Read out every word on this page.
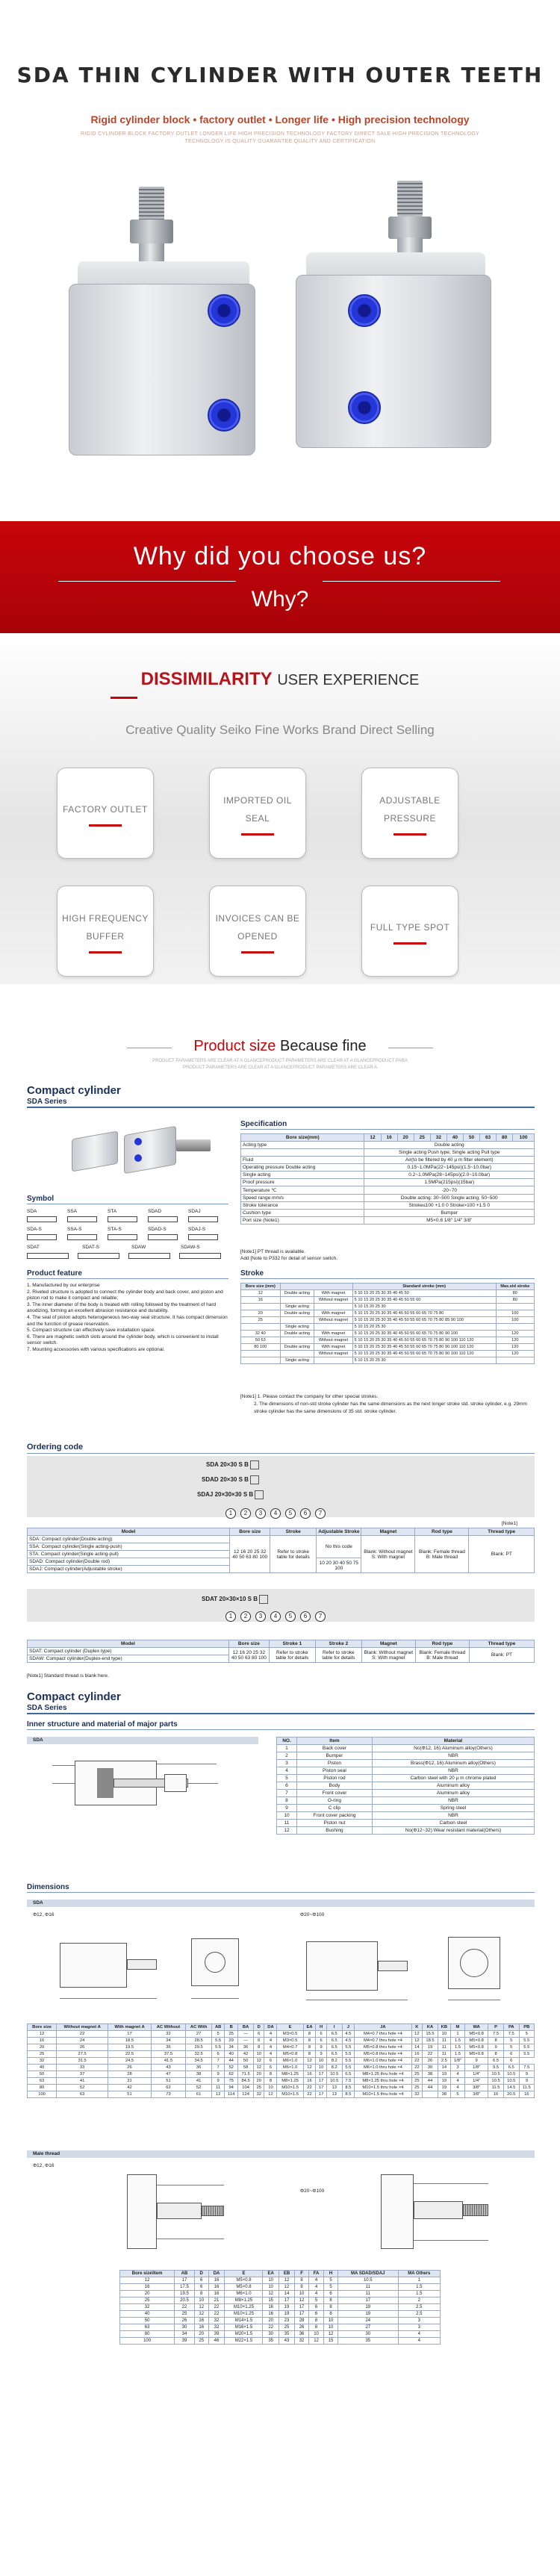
SDA THIN CYLINDER WITH OUTER TEETH
Rigid cylinder block • factory outlet • Longer life • High precision technology
RIGID CYLINDER BLOCK FACTORY OUTLET LONGER LIFE HIGH PRECISION TECHNOLOGY FACTORY DIRECT SALE HIGH PRECISION TECHNOLOGY
TECHNOLOGY IS QUALITY GUARANTEE QUALITY AND CERTIFICATION
Why did you choose us?
Why?
DISSIMILARITY USER EXPERIENCE
Creative Quality Seiko Fine Works Brand Direct Selling
FACTORY OUTLET
IMPORTED OIL
SEAL
ADJUSTABLE
PRESSURE
HIGH FREQUENCY
BUFFER
INVOICES CAN BE
OPENED
FULL TYPE SPOT
Product size Because fine
PRODUCT PARAMETERS ARE CLEAR AT A GLANCEPRODUCT PARAMETERS ARE CLEAR AT A GLANCEPRODUCT PARA
PRODUCT PARAMETERS ARE CLEAR AT A GLANCEPRODUCT PARAMETERS ARE CLEAR A
Compact cylinder
SDA Series
Symbol
SDA	SSA	STA	SDAD	SDAJ
SDA-S	SSA-S	STA-S	SDAD-S	SDAJ-S
SDAT	SDAT-S	SDAW	SDAW-S
Product feature
1. Manufactured by our enterprise
2. Riveted structure is adopted to connect the cylinder body and back cover, and piston and piston rod to make it compact and reliable;
3. The inner diameter of the body is treated with rolling followed by the treatment of hard anodizing, forming an excellent abrasion resistance and durability.
4. The seal of piston adopts heterogeneous two-way seal structure. It has compact dimension and the function of grease reservation.
5. Compact structure can effectively save installation space.
6. There are magnetic switch slots around the cylinder body, which is convenient to install sensor switch.
7. Mounting accessories with various specifications are optional.
Specification
Bore size(mm)	12	16	20	25	32	40	50	63	80	100
Acting type	Double acting									
	Single acting Push type, Single acting Pull type									
Fluid	Air(to be filtered by 40 μ m filter element)									
Operating pressure Double acting	0.15~1.0MPa(22~145psi)(1.5~10.0bar)									
Single acting	0.2~1.0MPa(28~145psi)(2.0~10.0bar)									
Proof pressure	1.5MPa(215psi)(15bar)									
Temperature ℃	-20~70									
Speed range mm/s	Double acting: 30~500 Single acting: 50~500									
Stroke tolerance	Stroke≤100 +1.0 0 Stroke>100 +1.5 0									
Cushion type	Bumper									
Port size (Note1)	M5×0.8 1/8" 1/4" 3/8"									
[Note1] PT thread is available.
Add [Note to P332 for detail of sensor switch.
Stroke
Bore size (mm)			Standard stroke (mm)	Max.std stroke
12	Double acting	With magnet	5 10 15 20 25 30 35 40 45 50	80
16		Without magnet	5 10 15 20 25 30 35 40 45 50 55 60	80
	Single acting		5 10 15 20 25 30	
20	Double acting	With magnet	5 10 15 20 25 30 35 40 45 50 55 60 65 70 75 80	100
25		Without magnet	5 10 15 20 25 30 35 40 45 50 55 60 65 70 75 80 85 90 100	100
	Single acting		5 10 15 20 25 30	
32 40	Double acting	With magnet	5 10 15 20 25 30 35 40 45 50 55 60 65 70 75 80 90 100	120
50 63		Without magnet	5 10 15 20 25 30 35 40 45 50 55 60 65 70 75 80 90 100 110 120	120
80 100	Double acting	With magnet	5 10 15 20 25 30 35 40 45 50 55 60 65 70 75 80 90 100 110 120	120
		Without magnet	5 10 15 20 25 30 35 40 45 50 55 60 65 70 75 80 90 100 110 120	120
	Single acting		5 10 15 20 25 30	
[Note1] 1. Please contact the company for other special strokes.
2. The dimensions of non-std stroke cylinder has the same dimensions as the next longer stroke std. stroke cylinder, e.g. 29mm stroke cylinder has the same dimensions of 35 std. stroke cylinder.
Ordering code
SDA 20×30 S B
SDAD 20×30 S B
SDAJ 20×30×30 S B
1 2 3 4 5 6 7
[Note1]
Model	Bore size	Stroke	Adjustable Stroke	Magnet	Rod type	Thread type
SDA: Compact cylinder(Double acting)	12 16 20 25 32 40 50 63 80 100	Refer to stroke table for details	No this code	Blank: Without magnet S: With magnet	Blank: Female thread B: Male thread	Blank: PT
SSA: Compact cylinder(Single acting-push)						
STA: Compact cylinder(Single acting-pull)						
SDAD: Compact cylinder(Double rod)			10 20 30 40 50 75 100			
SDAJ: Compact cylinder(Adjustable stroke)						
SDAT 20×30×10 S B
1 2 3 4 5 6 7
Model	Bore size	Stroke 1	Stroke 2	Magnet	Rod type	Thread type
SDAT: Compact cylinder (Duplex type)	12 16 20 25 32 40 50 63 80 100	Refer to stroke table for details	Refer to stroke table for details	Blank: Without magnet S: With magnet	Blank: Female thread B: Male thread	Blank: PT
SDAW: Compact cylinder(Duplex-end type)						
[Note1] Standard thread is blank here.
Compact cylinder
SDA Series
Inner structure and material of major parts
SDA	NO.	Item	Material
1	Back cover	No(Φ12, 16):Aluminum alloy(Others)
2	Bumper	NBR
3	Piston	Brass(Φ12, 16):Aluminum alloy(Others)
4	Piston seal	NBR
5	Piston rod	Carbon steel with 20 μ m chrome plated
6	Body	Aluminum alloy
7	Front cover	Aluminum alloy
8	O-ring	NBR
9	C clip	Spring steel
10	Front cover packing	NBR
11	Piston nut	Carbon steel
12	Bushing	No(Φ12~32):Wear resistant material(Others)
Dimensions
SDA
Φ12, Φ16	Φ20~Φ100
Bore size	Without magnet A	With magnet A	AC Without	AC With	AB	B	BA	D	DA	E	EA	H	I	J	JA	K	KA	KB	M	WA	P	PA	PB
12	22	17	32	27	5	25	—	6	4	M3×0.5	8	6	6.5	4.5	M4×0.7 thru hole ×4	12	15.5	10	1	M5×0.8	7.5	7.5	5
16	24	18.5	34	28.5	5.5	29	—	6	4	M3×0.5	8	6	6.5	4.5	M4×0.7 thru hole ×4	12	18.5	11	1.5	M5×0.8	8	5	5.5
20	26	19.5	36	29.5	5.5	34	36	8	4	M4×0.7	8	9	6.5	5.5	M5×0.8 thru hole ×4	14	19	11	1.5	M5×0.8	9	5	5.5
25	27.5	22.5	37.5	32.5	6	40	42	10	4	M5×0.8	8	9	6.5	5.5	M5×0.8 thru hole ×4	16	22	11	1.5	M5×0.8	8	6	5.5
32	31.5	24.5	41.5	34.5	7	44	50	12	6	M6×1.0	12	10	8.2	5.5	M6×1.0 thru hole ×4	22	26	2.5	1/8"	9	6.5	6	
40	33	26	43	36	7	52	58	12	6	M6×1.0	12	10	8.2	5.5	M6×1.0 thru hole ×4	22	30	14	3	1/8"	9.5	6.5	7.5
50	37	28	47	38	9	62	71.5	20	8	M8×1.25	16	17	10.5	6.5	M8×1.25 thru hole ×4	25	38	19	4	1/4"	10.5	10.5	9
63	41	31	51	41	9	75	84.5	20	8	M8×1.25	16	17	10.5	7.5	M8×1.25 thru hole ×4	25	44	19	4	1/4"	10.5	10.5	9
80	52	42	62	52	11	94	104	25	10	M10×1.5	22	17	13	8.5	M10×1.5 thru hole ×4	25	44	19	4	3/8"	11.5	14.5	11.5
100	63	51	73	61	12	114	124	32	12	M10×1.5	22	17	13	8.5	M10×1.5 thru hole ×4	32		38	5	3/8"	16	20.5	16
Male thread
Φ12, Φ16
Φ20~Φ100
Bore size\Item	AB	D	DA	E	EA	EB	F	FA	H	MA SDAD/SDAJ	MA Others
12	17	6	16	M5×0.8	10	12	8	4	5	10.5	1
16	17.5	6	16	M5×0.8	10	12	8	4	5	11	1.5
20	19.5	8	16	M6×1.0	12	14	10	4	6	11	1.5
25	20.5	10	21	M8×1.25	15	17	12	5	8	17	2
32	22	12	22	M10×1.25	16	19	17	6	8	19	2.5
40	25	12	22	M10×1.25	16	19	17	6	8	19	2.5
50	26	16	32	M14×1.5	20	23	28	8	10	24	3
63	30	16	32	M16×1.5	22	25	26	8	10	27	3
80	34	20	39	M20×1.5	30	35	36	10	12	30	4
100	39	25	46	M22×1.5	35	43	32	12	15	35	4
